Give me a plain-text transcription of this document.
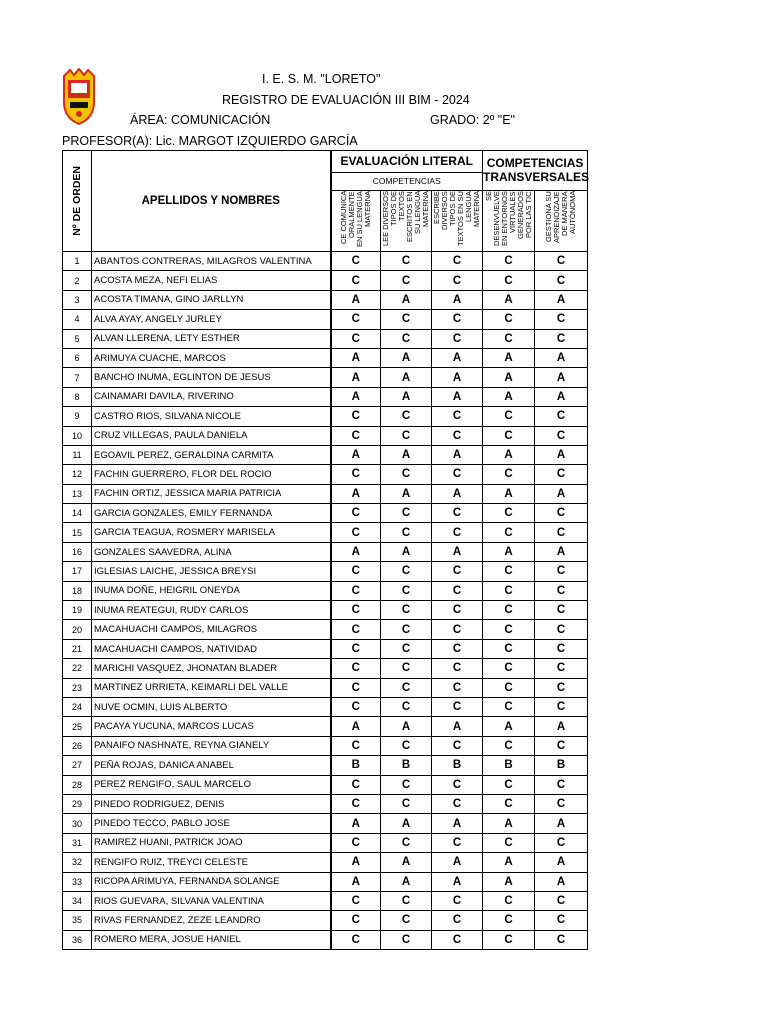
I. E. S. M. "LORETO"
REGISTRO DE EVALUACIÓN III BIM - 2024
ÁREA: COMUNICACIÓN	GRADO: 2º "E"
PROFESOR(A): Lic. MARGOT IZQUIERDO GARCÍA
Nº DE ORDEN	APELLIDOS Y NOMBRES	EVALUACIÓN LITERAL			COMPETENCIAS TRANSVERSALES	
		COMPETENCIAS				

		CE COMUNICA ORALMENTE EN SU LENGUA MATERNA	LEE DIVERSOS TIPOS DE TEXTOS ESCRITOS EN SU LENGUA MATERNA	ESCRIBE DIVERSOS TIPOS DE TEXTOS EN SU LENGUA MATERNA	SE DESENVUELVE EN ENTORNOS VIRTUALES GENERADOS POR LAS TIC	GESTIONA SU APRENDIZAJE DE MANERA AUTÓNOMA

1	ABANTOS CONTRERAS, MILAGROS VALENTINA	C	C	C	C	C
2	ACOSTA MEZA, NEFI ELIAS	C	C	C	C	C
3	ACOSTA TIMANA, GINO JARLLYN	A	A	A	A	A
4	ALVA AYAY, ANGELY JURLEY	C	C	C	C	C
5	ALVAN LLERENA, LETY ESTHER	C	C	C	C	C
6	ARIMUYA CUACHE, MARCOS	A	A	A	A	A
7	BANCHO INUMA, EGLINTON DE JESUS	A	A	A	A	A
8	CAINAMARI DAVILA, RIVERINO	A	A	A	A	A
9	CASTRO RIOS, SILVANA NICOLE	C	C	C	C	C
10	CRUZ VILLEGAS, PAULA DANIELA	C	C	C	C	C
11	EGOAVIL PEREZ, GERALDINA CARMITA	A	A	A	A	A
12	FACHIN GUERRERO, FLOR DEL ROCIO	C	C	C	C	C
13	FACHIN ORTIZ, JESSICA MARIA PATRICIA	A	A	A	A	A
14	GARCIA GONZALES, EMILY FERNANDA	C	C	C	C	C
15	GARCIA TEAGUA, ROSMERY MARISELA	C	C	C	C	C
16	GONZALES SAAVEDRA, ALINA	A	A	A	A	A
17	IGLESIAS LAICHE, JESSICA BREYSI	C	C	C	C	C
18	INUMA DOÑE, HEIGRIL ONEYDA	C	C	C	C	C
19	INUMA REATEGUI, RUDY CARLOS	C	C	C	C	C
20	MACAHUACHI CAMPOS, MILAGROS	C	C	C	C	C
21	MACAHUACHI CAMPOS, NATIVIDAD	C	C	C	C	C
22	MARICHI VASQUEZ, JHONATAN BLADER	C	C	C	C	C
23	MARTINEZ URRIETA, KEIMARLI DEL VALLE	C	C	C	C	C
24	NUVE OCMIN, LUIS ALBERTO	C	C	C	C	C
25	PACAYA YUCUNA, MARCOS LUCAS	A	A	A	A	A
26	PANAIFO NASHNATE, REYNA GIANELY	C	C	C	C	C
27	PEÑA ROJAS, DANICA ANABEL	B	B	B	B	B
28	PEREZ RENGIFO, SAUL MARCELO	C	C	C	C	C
29	PINEDO RODRIGUEZ, DENIS	C	C	C	C	C
30	PINEDO TECCO, PABLO JOSE	A	A	A	A	A
31	RAMIREZ HUANI, PATRICK JOAO	C	C	C	C	C
32	RENGIFO RUIZ, TREYCI CELESTE	A	A	A	A	A
33	RICOPA ARIMUYA, FERNANDA SOLANGE	A	A	A	A	A
34	RIOS GUEVARA, SILVANA VALENTINA	C	C	C	C	C
35	RIVAS FERNANDEZ, ZEZE LEANDRO	C	C	C	C	C
36	ROMERO MERA, JOSUE HANIEL	C	C	C	C	C
